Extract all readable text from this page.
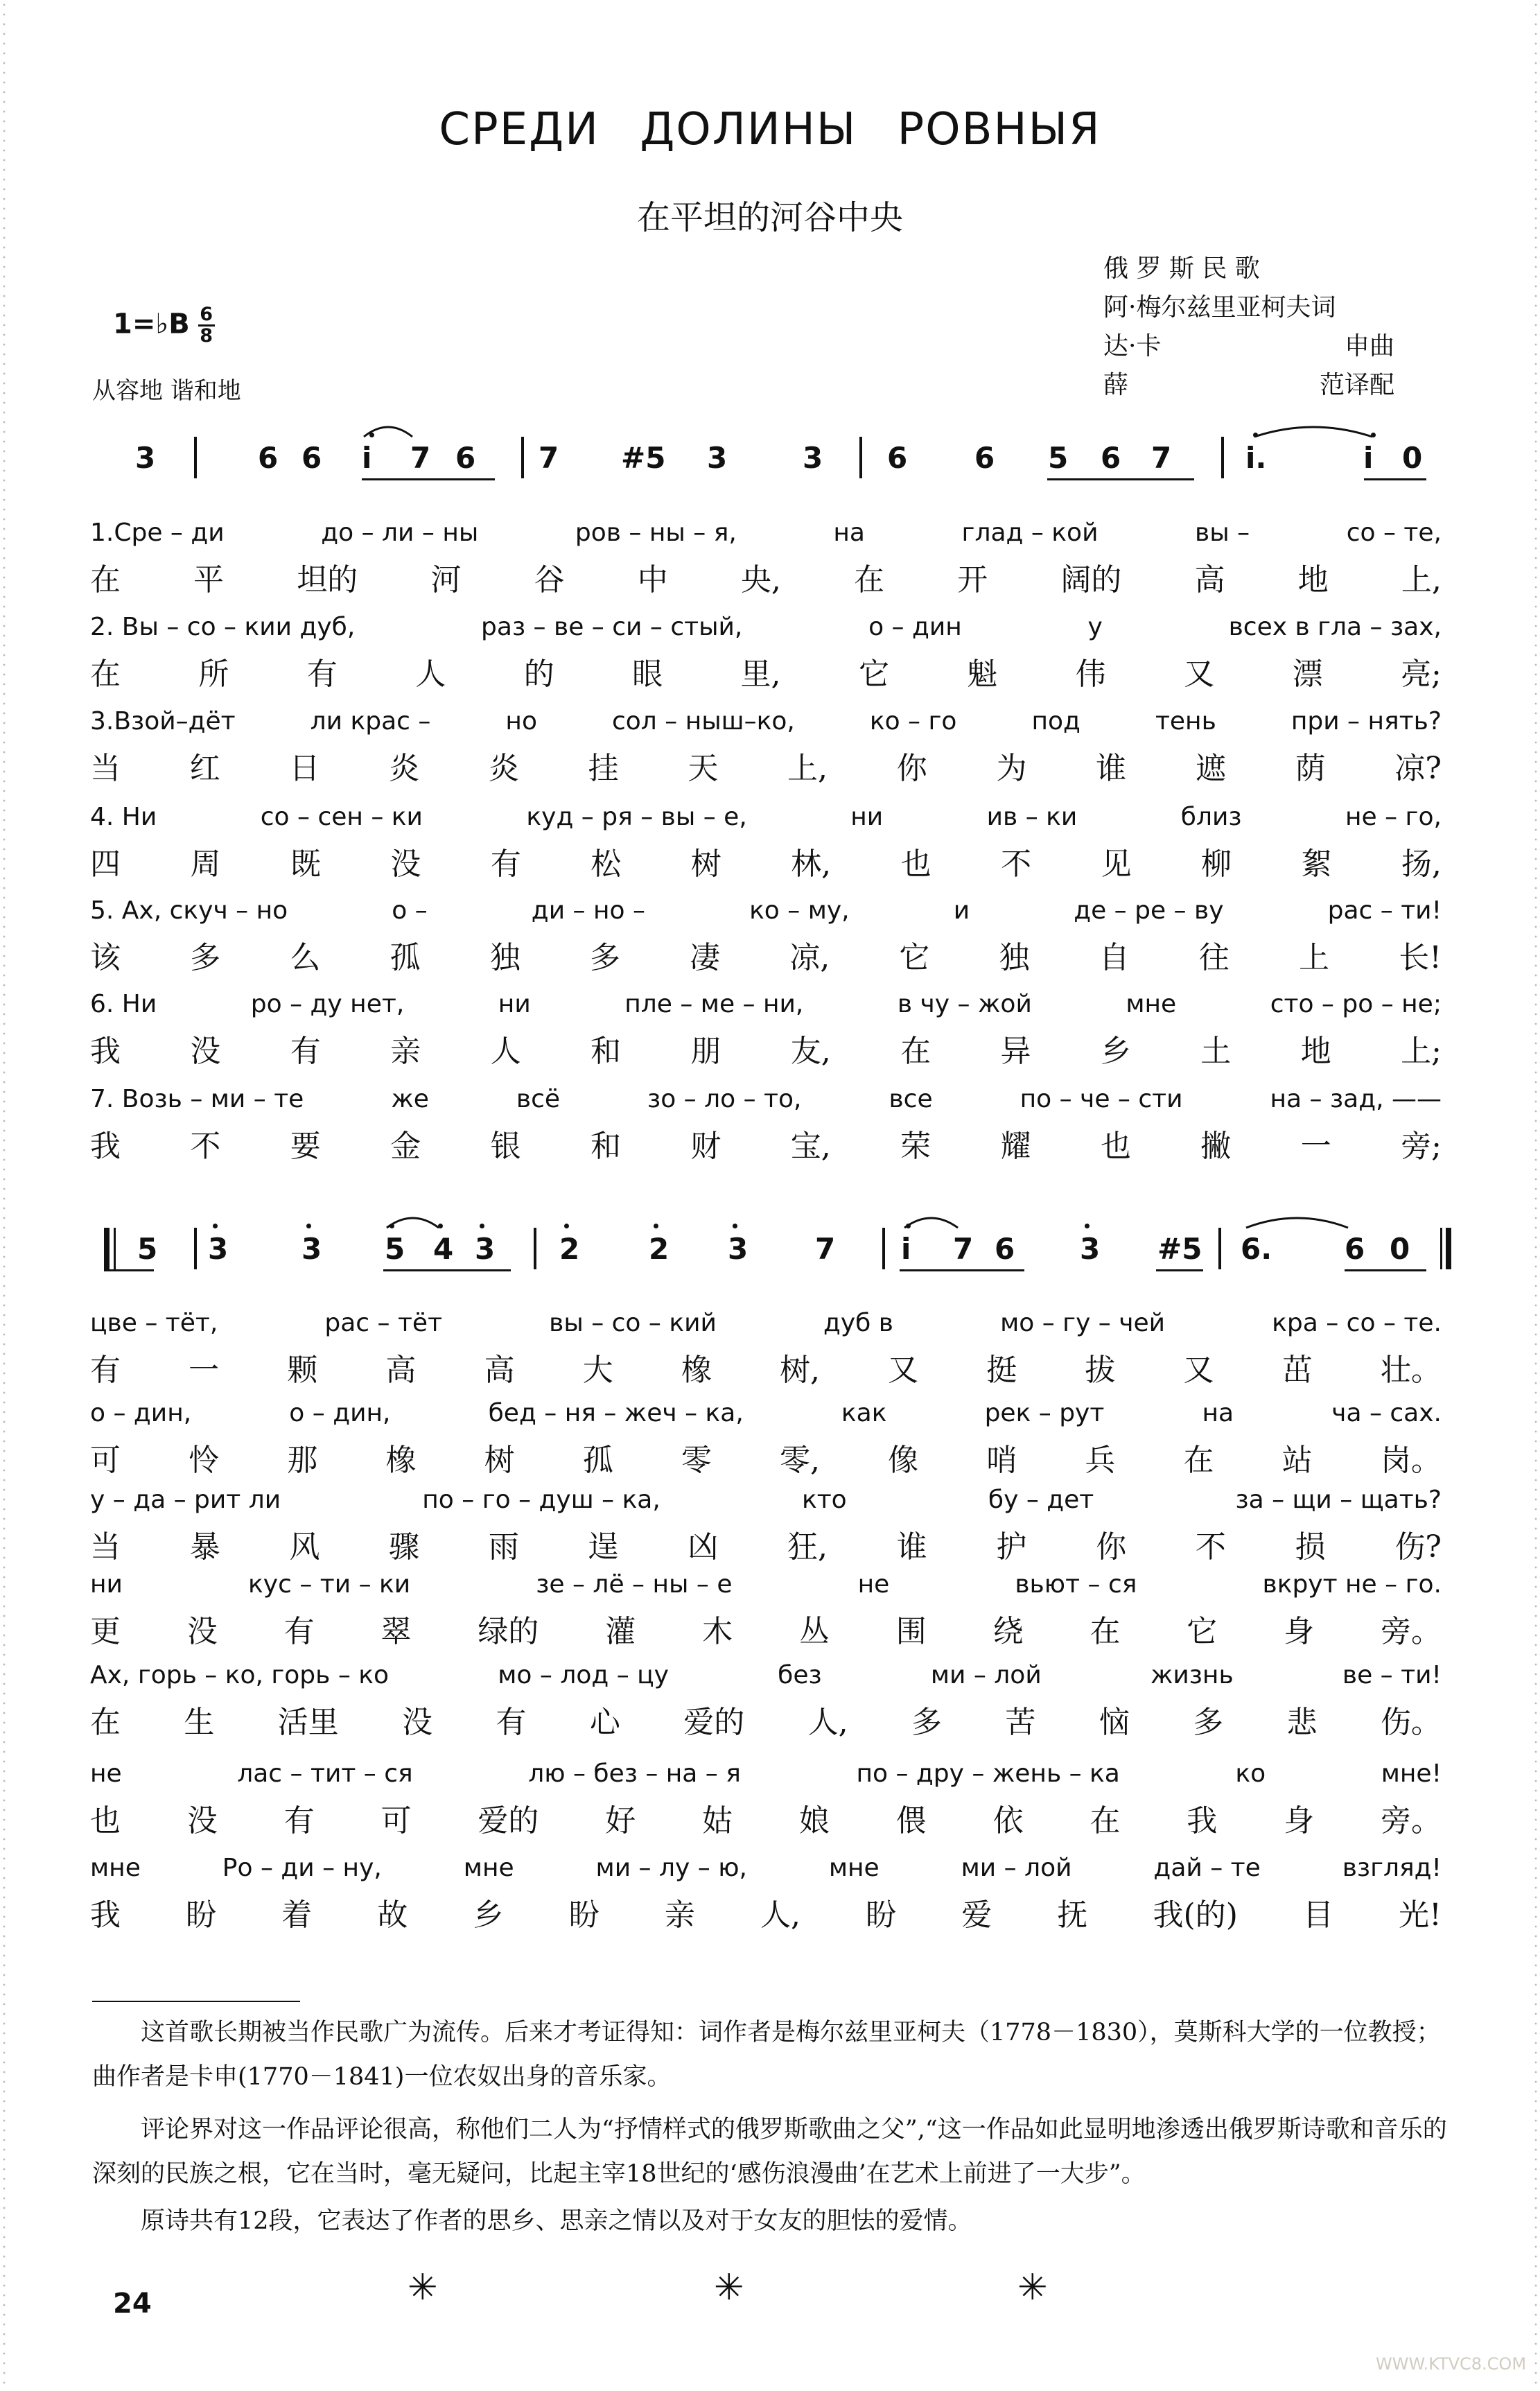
СРЕДИ ДОЛИНЫ РОВНЫЯ
在平坦的河谷中央
俄 罗 斯 民 歌
阿·梅尔兹里亚柯夫词
达·卡	申曲
薛	范译配
1=♭B $\frac{6}{8}$
从容地 谐和地
3	6 6 i 7 6 7 #5 3	3 6 6 5 6 7	i.	i 0
1.Сре – ди	до – ли – ны	ров – ны – я,	на	глад – кой	вы –	со – те,
在 平 坦的 河 谷 中 央, 在 开 阔的 高 地 上,
2. Вы – со – кии дуб,	раз – ве – си – стый,	о – дин	у	всех в гла – зах,
在	所	有	人	的	眼	里,	它	魁	伟	又	漂	亮;
3.Взой–дёт	ли крас –	но	сол – ныш–ко,	ко – го	под	тень	при – нять?
当 红 日 炎 炎 挂 天 上, 你 为 谁 遮 荫 凉?
4. Ни	со – сен – ки	куд – ря – вы – е,	ни	ив – ки	близ	не – го,
四 周 既 没 有 松 树 林, 也 不 见 柳 絮 扬,
5. Ах, скуч – но	о –	ди – но –	ко – му,	и	де – ре – ву	рас – ти!
该 多 么 孤 独 多 凄 凉, 它 独 自 往 上 长!
6. Ни	ро – ду нет,	ни	пле – ме – ни,	в чу – жой	мне	сто – ро – не;
我 没 有 亲 人 和 朋 友, 在 异 乡 土 地 上;
7. Возь – ми – те	же	всё	зо – ло – то,	все	по – че – сти	на – зад, ——
我 不 要 金 银 和 财 宝, 荣 耀 也 撇 一 旁;
5 3	3 5 4 3 2 2 3 7 i 7 6 3 #5 6. 6 0
цве – тёт,	рас – тёт	вы – со – кий	дуб в	мо – гу – чей	кра – со – те.
有 一 颗 高 高 大 橡 树, 又 挺 拔 又 茁 壮。
о – дин,	о – дин,	бед – ня – жеч – ка,	как	рек – рут	на	ча – сах.
可 怜 那 橡 树 孤 零 零, 像 哨 兵 在 站 岗。
у – да – рит ли	по – го – душ – ка,	кто	бу – дет	за – щи – щать?
当 暴 风 骤 雨 逞 凶 狂, 谁 护 你 不 损 伤?
ни	кус – ти – ки	зе – лё – ны – е	не	вьют – ся	вкрут не – го.
更 没 有 翠 绿的 灌 木 丛 围 绕 在 它 身 旁。
Ах, горь – ко, горь – ко	мо – лод – цу	без	ми – лой	жизнь	ве – ти!
在 生 活里 没 有 心 爱的 人, 多 苦 恼 多 悲 伤。
не	лас – тит – ся	лю – без – на – я	по – дру – жень – ка	ко	мне!
也 没 有 可 爱的 好 姑 娘 偎 依 在 我 身 旁。
мне	Ро – ди – ну,	мне	ми – лу – ю,	мне	ми – лой	дай – те	взгляд!
我 盼 着 故 乡 盼 亲 人, 盼 爱 抚 我(的) 目 光!
这首歌长期被当作民歌广为流传。后来才考证得知：词作者是梅尔兹里亚柯夫（1778－1830），莫斯科大学的一位教授；曲作者是卡申(1770－1841)一位农奴出身的音乐家。
评论界对这一作品评论很高，称他们二人为“抒情样式的俄罗斯歌曲之父”,“这一作品如此显明地渗透出俄罗斯诗歌和音乐的深刻的民族之根，它在当时，毫无疑问，比起主宰18世纪的‘感伤浪漫曲’在艺术上前进了一大步”。
原诗共有12段，它表达了作者的思乡、思亲之情以及对于女友的胆怯的爱情。
✳	✳	✳
24
WWW.KTVC8.COM
